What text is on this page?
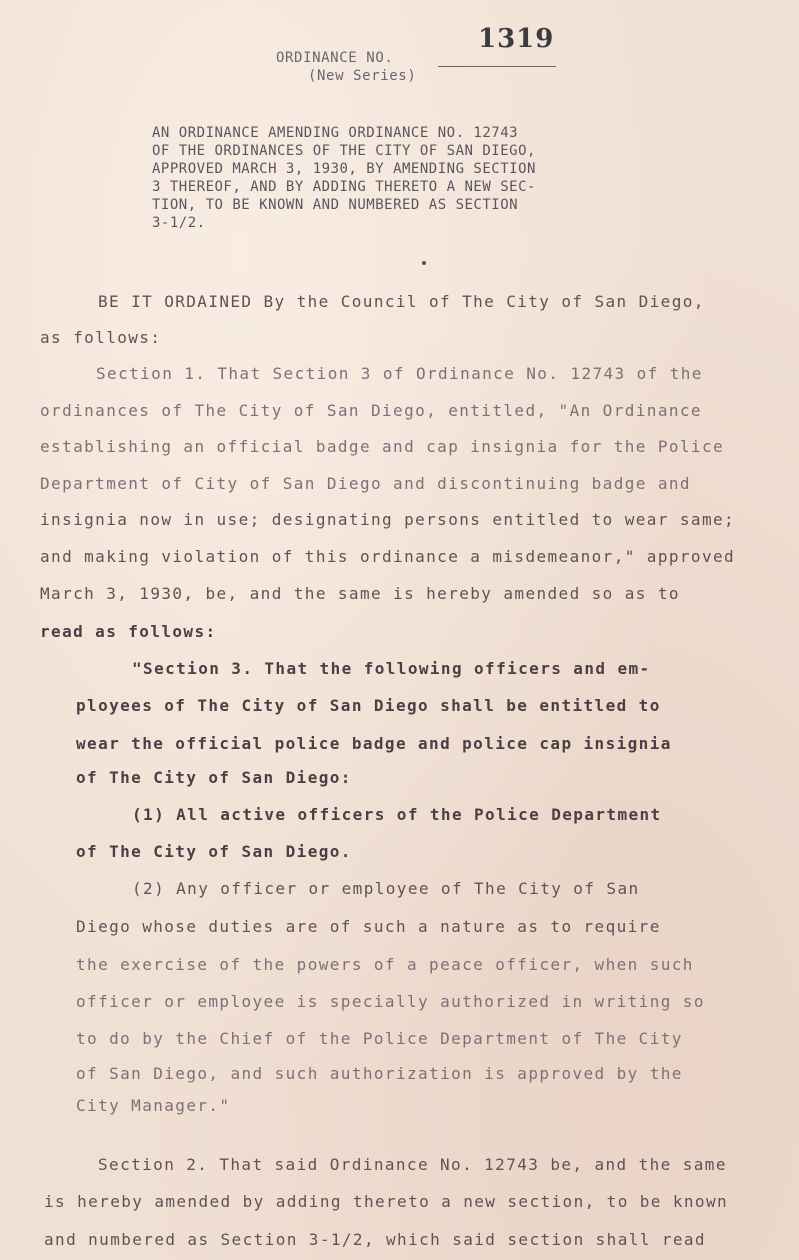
1319
ORDINANCE NO.
(New Series)
AN ORDINANCE AMENDING ORDINANCE NO. 12743
OF THE ORDINANCES OF THE CITY OF SAN DIEGO,
APPROVED MARCH 3, 1930, BY AMENDING SECTION
3 THEREOF, AND BY ADDING THERETO A NEW SEC-
TION, TO BE KNOWN AND NUMBERED AS SECTION
3-1/2.
BE IT ORDAINED By the Council of The City of San Diego,
as follows:
Section 1. That Section 3 of Ordinance No. 12743 of the
ordinances of The City of San Diego, entitled, "An Ordinance
establishing an official badge and cap insignia for the Police
Department of City of San Diego and discontinuing badge and
insignia now in use; designating persons entitled to wear same;
and making violation of this ordinance a misdemeanor," approved
March 3, 1930, be, and the same is hereby amended so as to
read as follows:
"Section 3. That the following officers and em-
ployees of The City of San Diego shall be entitled to
wear the official police badge and police cap insignia
of The City of San Diego:
(1) All active officers of the Police Department
of The City of San Diego.
(2) Any officer or employee of The City of San
Diego whose duties are of such a nature as to require
the exercise of the powers of a peace officer, when such
officer or employee is specially authorized in writing so
to do by the Chief of the Police Department of The City
of San Diego, and such authorization is approved by the
City Manager."
Section 2. That said Ordinance No. 12743 be, and the same
is hereby amended by adding thereto a new section, to be known
and numbered as Section 3-1/2, which said section shall read
